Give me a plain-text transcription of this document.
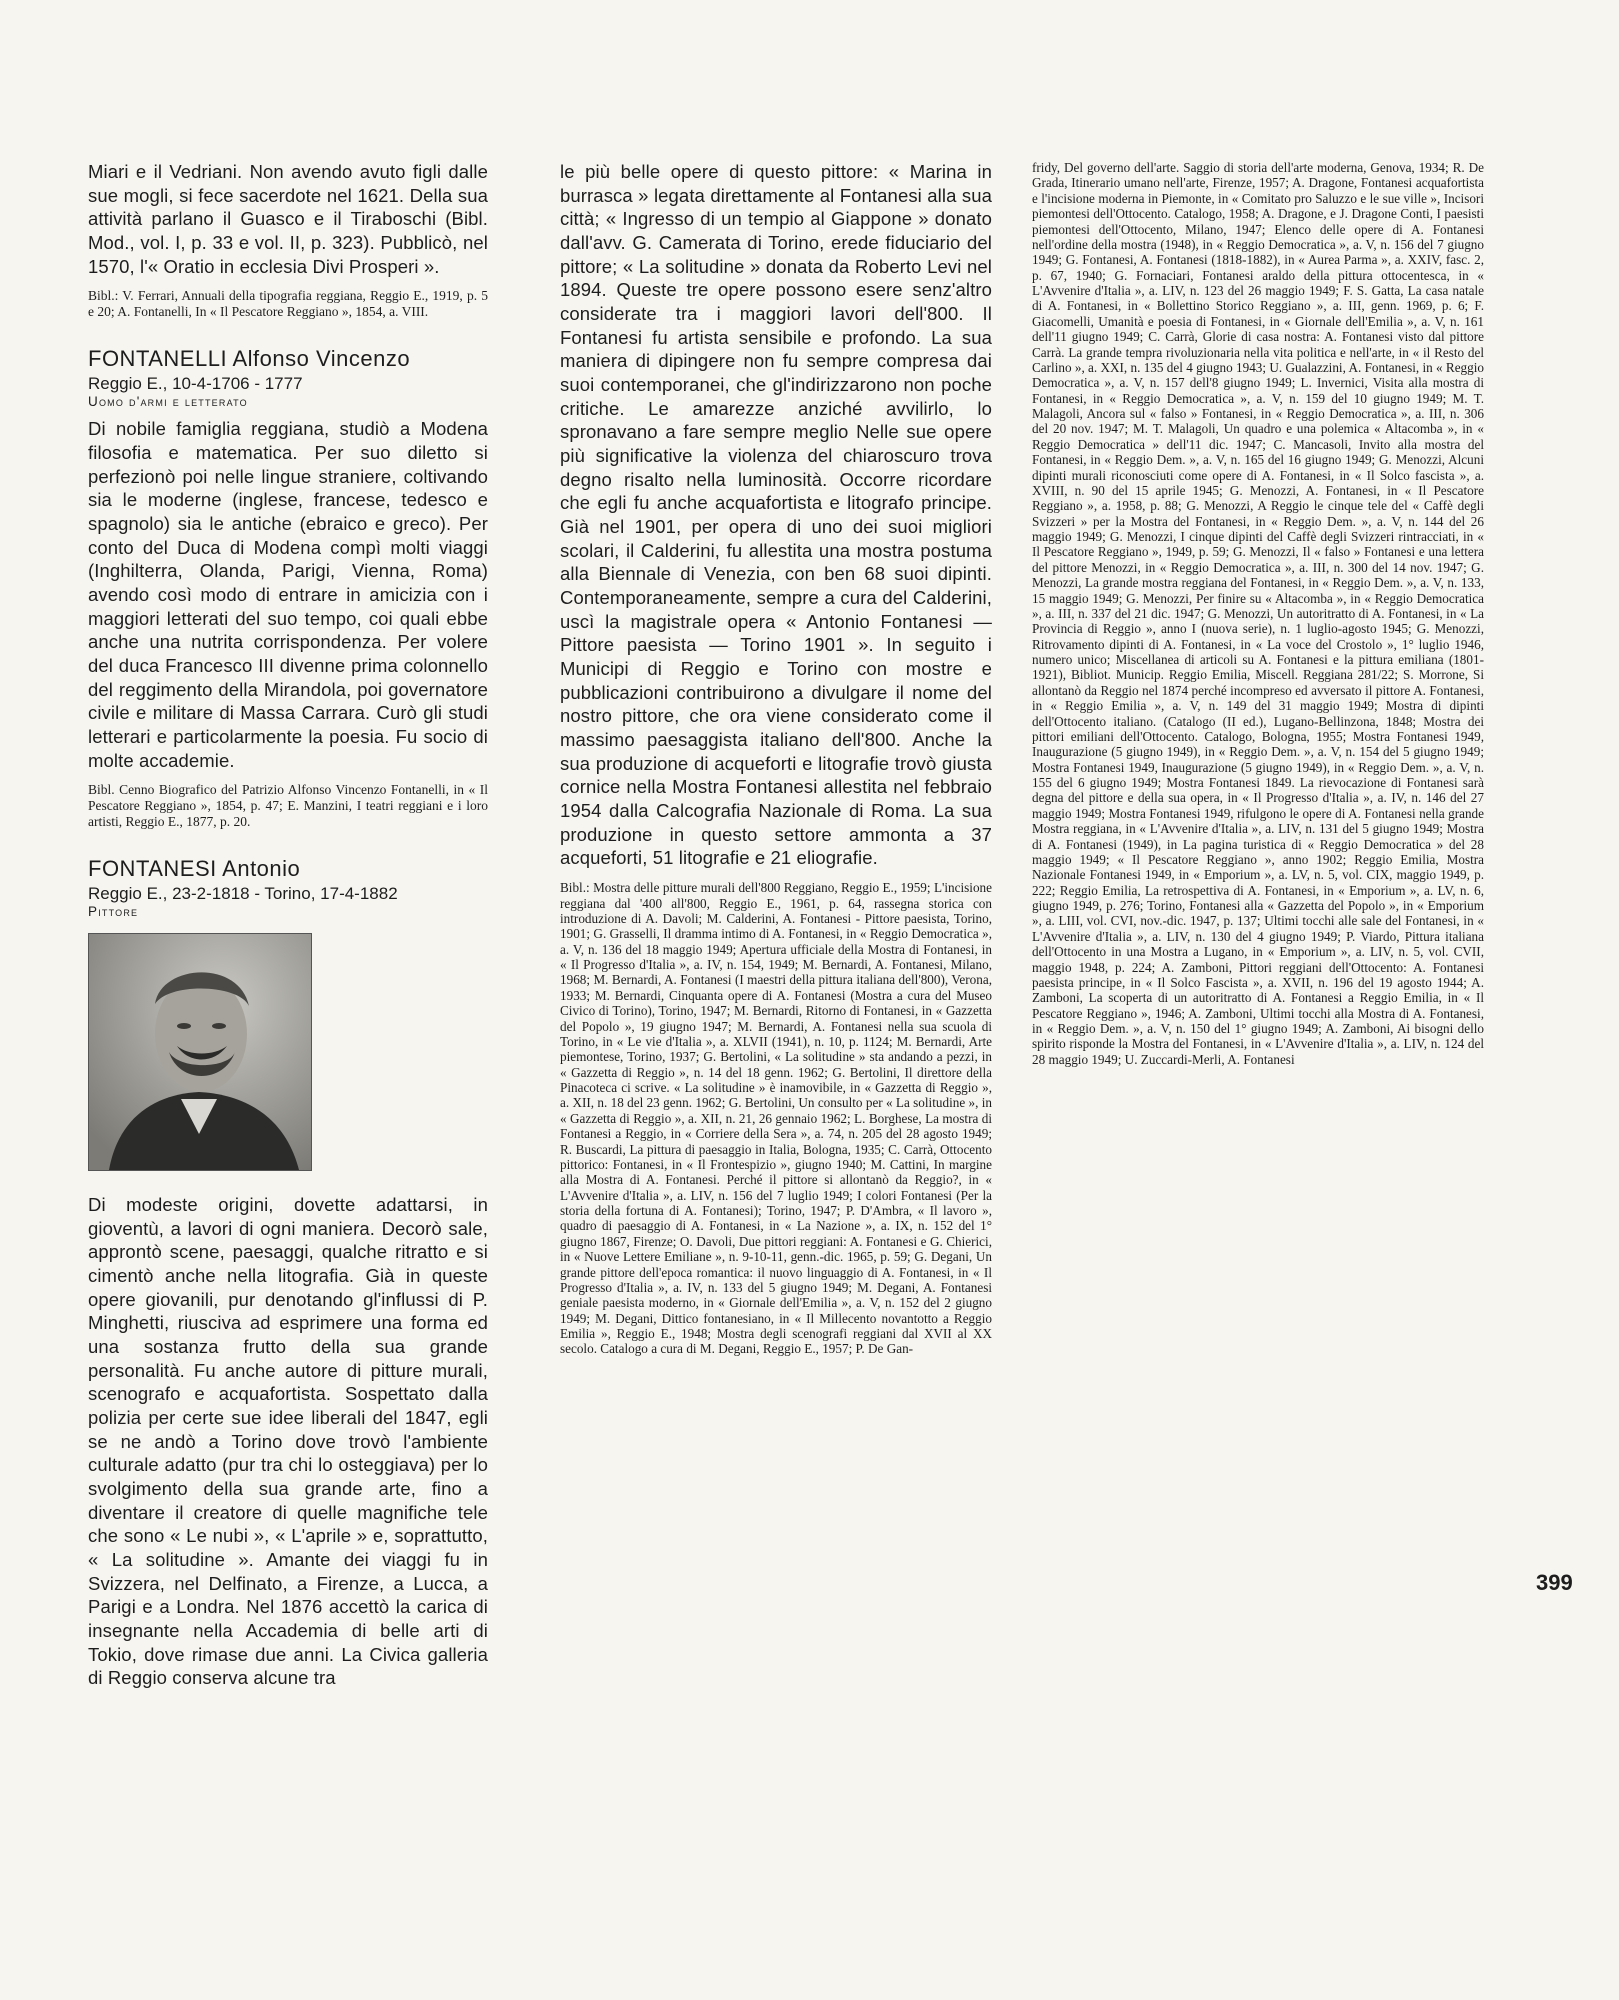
Miari e il Vedriani. Non avendo avuto figli dalle sue mogli, si fece sacerdote nel 1621. Della sua attività parlano il Guasco e il Tiraboschi (Bibl. Mod., vol. I, p. 33 e vol. II, p. 323). Pubblicò, nel 1570, l'« Oratio in ecclesia Divi Prosperi ».

Bibl.: V. Ferrari, Annuali della tipografia reggiana, Reggio E., 1919, p. 5 e 20; A. Fontanelli, In « Il Pescatore Reggiano », 1854, a. VIII.

FONTANELLI Alfonso Vincenzo
Reggio E., 10-4-1706 - 1777
Uomo d'armi e letterato

Di nobile famiglia reggiana, studiò a Modena filosofia e matematica. Per suo diletto si perfezionò poi nelle lingue straniere, coltivando sia le moderne (inglese, francese, tedesco e spagnolo) sia le antiche (ebraico e greco). Per conto del Duca di Modena compì molti viaggi (Inghilterra, Olanda, Parigi, Vienna, Roma) avendo così modo di entrare in amicizia con i maggiori letterati del suo tempo, coi quali ebbe anche una nutrita corrispondenza. Per volere del duca Francesco III divenne prima colonnello del reggimento della Mirandola, poi governatore civile e militare di Massa Carrara. Curò gli studi letterari e particolarmente la poesia. Fu socio di molte accademie.

Bibl. Cenno Biografico del Patrizio Alfonso Vincenzo Fontanelli, in « Il Pescatore Reggiano », 1854, p. 47; E. Manzini, I teatri reggiani e i loro artisti, Reggio E., 1877, p. 20.

FONTANESI Antonio
Reggio E., 23-2-1818 - Torino, 17-4-1882
Pittore

Di modeste origini, dovette adattarsi, in gioventù, a lavori di ogni maniera. Decorò sale, approntò scene, paesaggi, qualche ritratto e si cimentò anche nella litografia. Già in queste opere giovanili, pur denotando gl'influssi di P. Minghetti, riusciva ad esprimere una forma ed una sostanza frutto della sua grande personalità. Fu anche autore di pitture murali, scenografo e acquafortista. Sospettato dalla polizia per certe sue idee liberali del 1847, egli se ne andò a Torino dove trovò l'ambiente culturale adatto (pur tra chi lo osteggiava) per lo svolgimento della sua grande arte, fino a diventare il creatore di quelle magnifiche tele che sono « Le nubi », « L'aprile » e, soprattutto, « La solitudine ». Amante dei viaggi fu in Svizzera, nel Delfinato, a Firenze, a Lucca, a Parigi e a Londra. Nel 1876 accettò la carica di insegnante nella Accademia di belle arti di Tokio, dove rimase due anni. La Civica galleria di Reggio conserva alcune tra

le più belle opere di questo pittore: « Marina in burrasca » legata direttamente al Fontanesi alla sua città; « Ingresso di un tempio al Giappone » donato dall'avv. G. Camerata di Torino, erede fiduciario del pittore; « La solitudine » donata da Roberto Levi nel 1894. Queste tre opere possono esere senz'altro considerate tra i maggiori lavori dell'800. Il Fontanesi fu artista sensibile e profondo. La sua maniera di dipingere non fu sempre compresa dai suoi contemporanei, che gl'indirizzarono non poche critiche. Le amarezze anziché avvilirlo, lo spronavano a fare sempre meglio Nelle sue opere più significative la violenza del chiaroscuro trova degno risalto nella luminosità. Occorre ricordare che egli fu anche acquafortista e litografo principe. Già nel 1901, per opera di uno dei suoi migliori scolari, il Calderini, fu allestita una mostra postuma alla Biennale di Venezia, con ben 68 suoi dipinti. Contemporaneamente, sempre a cura del Calderini, uscì la magistrale opera « Antonio Fontanesi — Pittore paesista — Torino 1901 ». In seguito i Municipi di Reggio e Torino con mostre e pubblicazioni contribuirono a divulgare il nome del nostro pittore, che ora viene considerato come il massimo paesaggista italiano dell'800. Anche la sua produzione di acqueforti e litografie trovò giusta cornice nella Mostra Fontanesi allestita nel febbraio 1954 dalla Calcografia Nazionale di Roma. La sua produzione in questo settore ammonta a 37 acqueforti, 51 litografie e 21 eliografie.

Bibl.: Mostra delle pitture murali dell'800 Reggiano, Reggio E., 1959; L'incisione reggiana dal '400 all'800, Reggio E., 1961, p. 64, rassegna storica con introduzione di A. Davoli; M. Calderini, A. Fontanesi - Pittore paesista, Torino, 1901; G. Grasselli, Il dramma intimo di A. Fontanesi, in « Reggio Democratica », a. V, n. 136 del 18 maggio 1949; Apertura ufficiale della Mostra di Fontanesi, in « Il Progresso d'Italia », a. IV, n. 154, 1949; M. Bernardi, A. Fontanesi, Milano, 1968; M. Bernardi, A. Fontanesi (I maestri della pittura italiana dell'800), Verona, 1933; M. Bernardi, Cinquanta opere di A. Fontanesi (Mostra a cura del Museo Civico di Torino), Torino, 1947; M. Bernardi, Ritorno di Fontanesi, in « Gazzetta del Popolo », 19 giugno 1947; M. Bernardi, A. Fontanesi nella sua scuola di Torino, in « Le vie d'Italia », a. XLVII (1941), n. 10, p. 1124; M. Bernardi, Arte piemontese, Torino, 1937; G. Bertolini, « La solitudine » sta andando a pezzi, in « Gazzetta di Reggio », n. 14 del 18 genn. 1962; G. Bertolini, Il direttore della Pinacoteca ci scrive. « La solitudine » è inamovibile, in « Gazzetta di Reggio », a. XII, n. 18 del 23 genn. 1962; G. Bertolini, Un consulto per « La solitudine », in « Gazzetta di Reggio », a. XII, n. 21, 26 gennaio 1962; L. Borghese, La mostra di Fontanesi a Reggio, in « Corriere della Sera », a. 74, n. 205 del 28 agosto 1949; R. Buscardi, La pittura di paesaggio in Italia, Bologna, 1935; C. Carrà, Ottocento pittorico: Fontanesi, in « Il Frontespizio », giugno 1940; M. Cattini, In margine alla Mostra di A. Fontanesi. Perché il pittore si allontanò da Reggio?, in « L'Avvenire d'Italia », a. LIV, n. 156 del 7 luglio 1949; I colori Fontanesi (Per la storia della fortuna di A. Fontanesi); Torino, 1947; P. D'Ambra, « Il lavoro », quadro di paesaggio di A. Fontanesi, in « La Nazione », a. IX, n. 152 del 1° giugno 1867, Firenze; O. Davoli, Due pittori reggiani: A. Fontanesi e G. Chierici, in « Nuove Lettere Emiliane », n. 9-10-11, genn.-dic. 1965, p. 59; G. Degani, Un grande pittore dell'epoca romantica: il nuovo linguaggio di A. Fontanesi, in « Il Progresso d'Italia », a. IV, n. 133 del 5 giugno 1949; M. Degani, A. Fontanesi geniale paesista moderno, in « Giornale dell'Emilia », a. V, n. 152 del 2 giugno 1949; M. Degani, Dittico fontanesiano, in « Il Millecento novantotto a Reggio Emilia », Reggio E., 1948; Mostra degli scenografi reggiani dal XVII al XX secolo. Catalogo a cura di M. Degani, Reggio E., 1957; P. De Gan-

fridy, Del governo dell'arte. Saggio di storia dell'arte moderna, Genova, 1934; R. De Grada, Itinerario umano nell'arte, Firenze, 1957; A. Dragone, Fontanesi acquafortista e l'incisione moderna in Piemonte, in « Comitato pro Saluzzo e le sue ville », Incisori piemontesi dell'Ottocento. Catalogo, 1958; A. Dragone, e J. Dragone Conti, I paesisti piemontesi dell'Ottocento, Milano, 1947; Elenco delle opere di A. Fontanesi nell'ordine della mostra (1948), in « Reggio Democratica », a. V, n. 156 del 7 giugno 1949; G. Fontanesi, A. Fontanesi (1818-1882), in « Aurea Parma », a. XXIV, fasc. 2, p. 67, 1940; G. Fornaciari, Fontanesi araldo della pittura ottocentesca, in « L'Avvenire d'Italia », a. LIV, n. 123 del 26 maggio 1949; F. S. Gatta, La casa natale di A. Fontanesi, in « Bollettino Storico Reggiano », a. III, genn. 1969, p. 6; F. Giacomelli, Umanità e poesia di Fontanesi, in « Giornale dell'Emilia », a. V, n. 161 dell'11 giugno 1949; C. Carrà, Glorie di casa nostra: A. Fontanesi visto dal pittore Carrà. La grande tempra rivoluzionaria nella vita politica e nell'arte, in « il Resto del Carlino », a. XXI, n. 135 del 4 giugno 1943; U. Gualazzini, A. Fontanesi, in « Reggio Democratica », a. V, n. 157 dell'8 giugno 1949; L. Invernici, Visita alla mostra di Fontanesi, in « Reggio Democratica », a. V, n. 159 del 10 giugno 1949; M. T. Malagoli, Ancora sul « falso » Fontanesi, in « Reggio Democratica », a. III, n. 306 del 20 nov. 1947; M. T. Malagoli, Un quadro e una polemica « Altacomba », in « Reggio Democratica » dell'11 dic. 1947; C. Mancasoli, Invito alla mostra del Fontanesi, in « Reggio Dem. », a. V, n. 165 del 16 giugno 1949; G. Menozzi, Alcuni dipinti murali riconosciuti come opere di A. Fontanesi, in « Il Solco fascista », a. XVIII, n. 90 del 15 aprile 1945; G. Menozzi, A. Fontanesi, in « Il Pescatore Reggiano », a. 1958, p. 88; G. Menozzi, A Reggio le cinque tele del « Caffè degli Svizzeri » per la Mostra del Fontanesi, in « Reggio Dem. », a. V, n. 144 del 26 maggio 1949; G. Menozzi, I cinque dipinti del Caffè degli Svizzeri rintracciati, in « Il Pescatore Reggiano », 1949, p. 59; G. Menozzi, Il « falso » Fontanesi e una lettera del pittore Menozzi, in « Reggio Democratica », a. III, n. 300 del 14 nov. 1947; G. Menozzi, La grande mostra reggiana del Fontanesi, in « Reggio Dem. », a. V, n. 133, 15 maggio 1949; G. Menozzi, Per finire su « Altacomba », in « Reggio Democratica », a. III, n. 337 del 21 dic. 1947; G. Menozzi, Un autoritratto di A. Fontanesi, in « La Provincia di Reggio », anno I (nuova serie), n. 1 luglio-agosto 1945; G. Menozzi, Ritrovamento dipinti di A. Fontanesi, in « La voce del Crostolo », 1° luglio 1946, numero unico; Miscellanea di articoli su A. Fontanesi e la pittura emiliana (1801-1921), Bibliot. Municip. Reggio Emilia, Miscell. Reggiana 281/22; S. Morrone, Si allontanò da Reggio nel 1874 perché incompreso ed avversato il pittore A. Fontanesi, in « Reggio Emilia », a. V, n. 149 del 31 maggio 1949; Mostra di dipinti dell'Ottocento italiano. (Catalogo (II ed.), Lugano-Bellinzona, 1848; Mostra dei pittori emiliani dell'Ottocento. Catalogo, Bologna, 1955; Mostra Fontanesi 1949, Inaugurazione (5 giugno 1949), in « Reggio Dem. », a. V, n. 154 del 5 giugno 1949; Mostra Fontanesi 1949, Inaugurazione (5 giugno 1949), in « Reggio Dem. », a. V, n. 155 del 6 giugno 1949; Mostra Fontanesi 1849. La rievocazione di Fontanesi sarà degna del pittore e della sua opera, in « Il Progresso d'Italia », a. IV, n. 146 del 27 maggio 1949; Mostra Fontanesi 1949, rifulgono le opere di A. Fontanesi nella grande Mostra reggiana, in « L'Avvenire d'Italia », a. LIV, n. 131 del 5 giugno 1949; Mostra di A. Fontanesi (1949), in La pagina turistica di « Reggio Democratica » del 28 maggio 1949; « Il Pescatore Reggiano », anno 1902; Reggio Emilia, Mostra Nazionale Fontanesi 1949, in « Emporium », a. LV, n. 5, vol. CIX, maggio 1949, p. 222; Reggio Emilia, La retrospettiva di A. Fontanesi, in « Emporium », a. LV, n. 6, giugno 1949, p. 276; Torino, Fontanesi alla « Gazzetta del Popolo », in « Emporium », a. LIII, vol. CVI, nov.-dic. 1947, p. 137; Ultimi tocchi alle sale del Fontanesi, in « L'Avvenire d'Italia », a. LIV, n. 130 del 4 giugno 1949; P. Viardo, Pittura italiana dell'Ottocento in una Mostra a Lugano, in « Emporium », a. LIV, n. 5, vol. CVII, maggio 1948, p. 224; A. Zamboni, Pittori reggiani dell'Ottocento: A. Fontanesi paesista principe, in « Il Solco Fascista », a. XVII, n. 196 del 19 agosto 1944; A. Zamboni, La scoperta di un autoritratto di A. Fontanesi a Reggio Emilia, in « Il Pescatore Reggiano », 1946; A. Zamboni, Ultimi tocchi alla Mostra di A. Fontanesi, in « Reggio Dem. », a. V, n. 150 del 1° giugno 1949; A. Zamboni, Ai bisogni dello spirito risponde la Mostra del Fontanesi, in « L'Avvenire d'Italia », a. LIV, n. 124 del 28 maggio 1949; U. Zuccardi-Merli, A. Fontanesi

399
